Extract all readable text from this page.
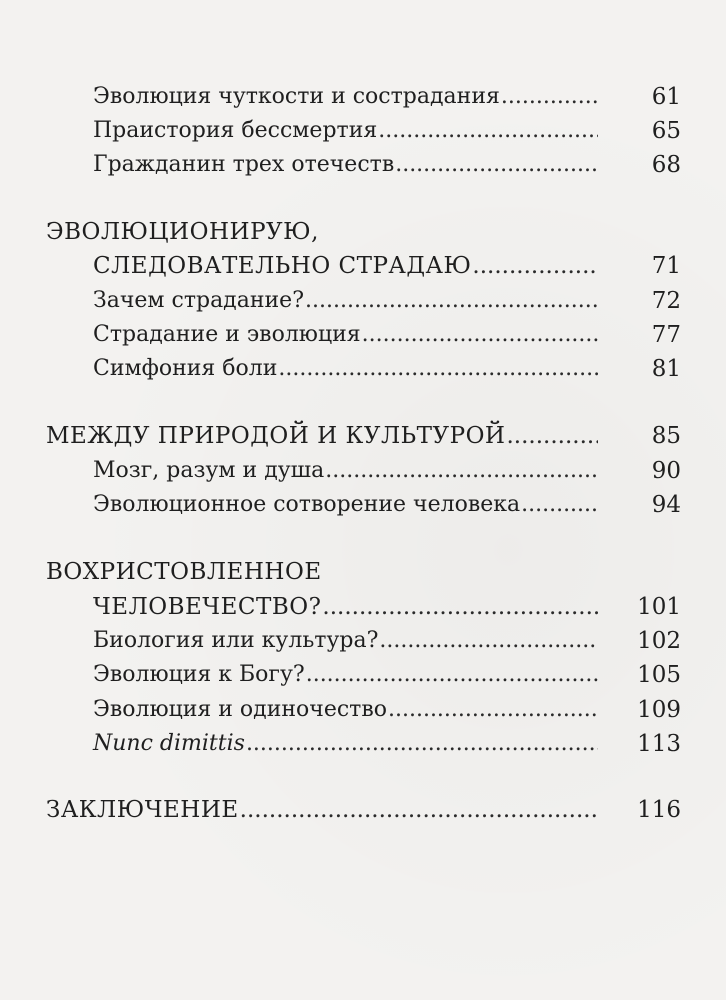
Эволюция чуткости и сострадания .....	61
Праистория бессмертия .....	65
Гражданин трех отечеств .....	68
ЭВОЛЮЦИОНИРУЮ,
СЛЕДОВАТЕЛЬНО СТРАДАЮ .....	71
Зачем страдание? .....	72
Страдание и эволюция .....	77
Симфония боли .....	81
МЕЖДУ ПРИРОДОЙ И КУЛЬТУРОЙ .....	85
Мозг, разум и душа .....	90
Эволюционное сотворение человека .....	94
ВОХРИСТОВЛЕННОЕ
ЧЕЛОВЕЧЕСТВО? .....	101
Биология или культура? .....	102
Эволюция к Богу? .....	105
Эволюция и одиночество .....	109
Nunc dimittis .....	113
ЗАКЛЮЧЕНИЕ .....	116
